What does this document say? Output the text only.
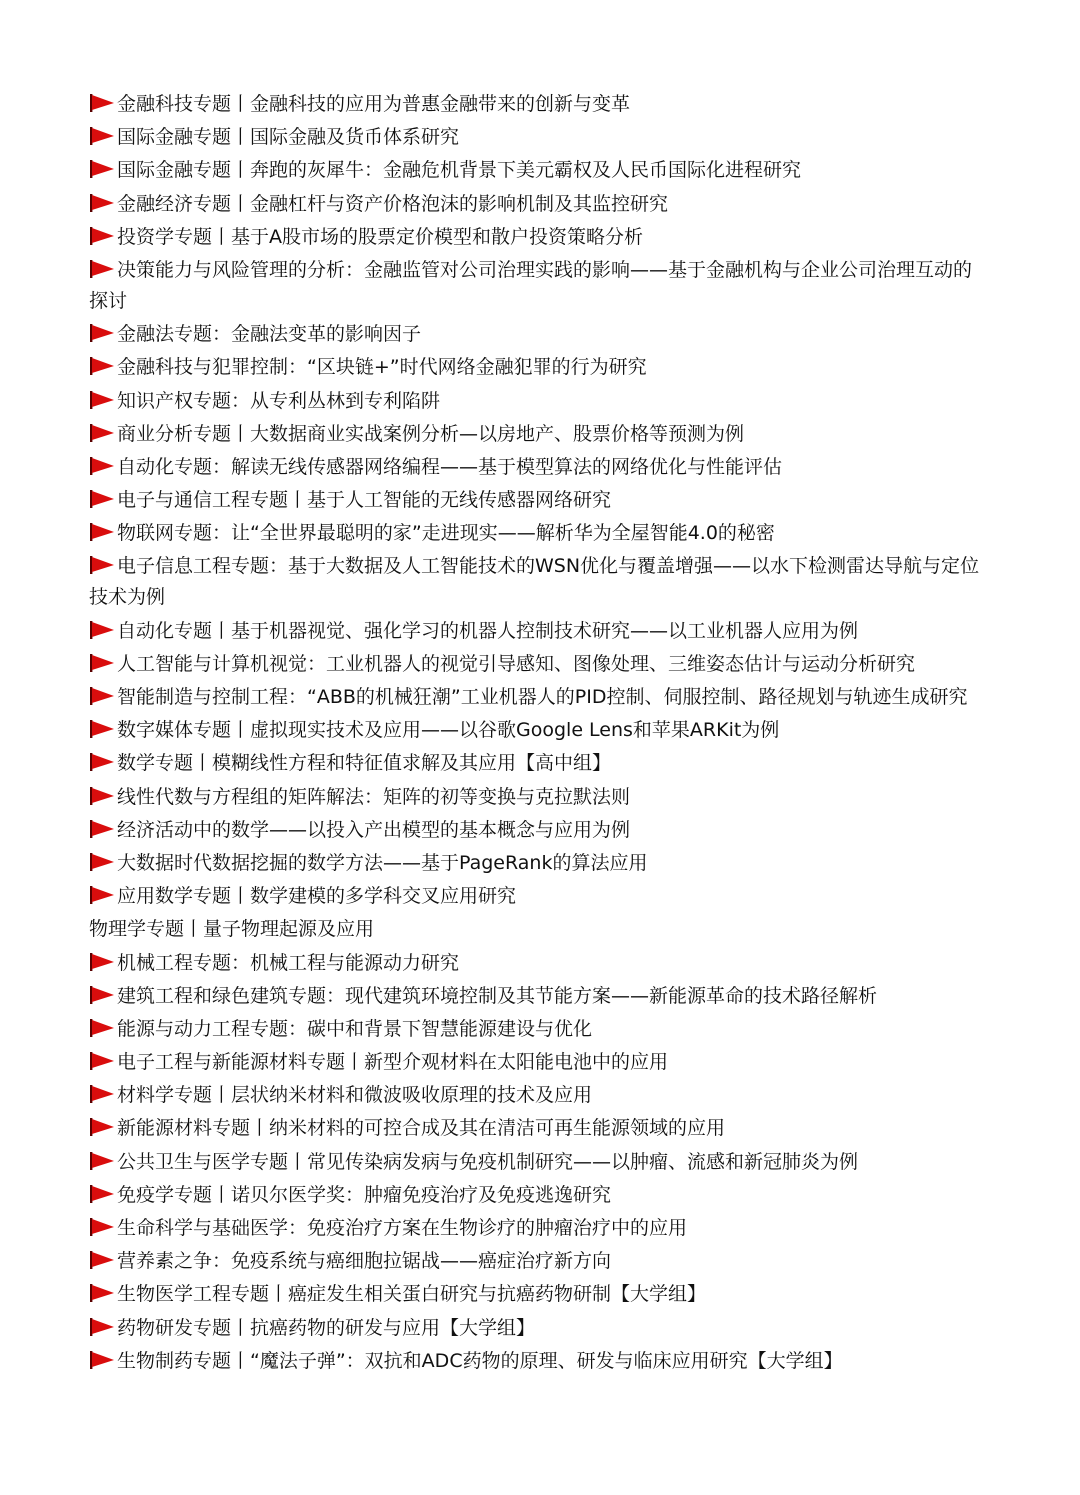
金融科技专题丨金融科技的应用为普惠金融带来的创新与变革
国际金融专题丨国际金融及货币体系研究
国际金融专题丨奔跑的灰犀牛：金融危机背景下美元霸权及人民币国际化进程研究
金融经济专题丨金融杠杆与资产价格泡沫的影响机制及其监控研究
投资学专题丨基于A股市场的股票定价模型和散户投资策略分析
决策能力与风险管理的分析：金融监管对公司治理实践的影响——基于金融机构与企业公司治理互动的探讨
金融法专题：金融法变革的影响因子
金融科技与犯罪控制：“区块链+”时代网络金融犯罪的行为研究
知识产权专题：从专利丛林到专利陷阱
商业分析专题丨大数据商业实战案例分析—以房地产、股票价格等预测为例
自动化专题：解读无线传感器网络编程——基于模型算法的网络优化与性能评估
电子与通信工程专题丨基于人工智能的无线传感器网络研究
物联网专题：让“全世界最聪明的家”走进现实——解析华为全屋智能4.0的秘密
电子信息工程专题：基于大数据及人工智能技术的WSN优化与覆盖增强——以水下检测雷达导航与定位技术为例
自动化专题丨基于机器视觉、强化学习的机器人控制技术研究——以工业机器人应用为例
人工智能与计算机视觉：工业机器人的视觉引导感知、图像处理、三维姿态估计与运动分析研究
智能制造与控制工程：“ABB的机械狂潮”工业机器人的PID控制、伺服控制、路径规划与轨迹生成研究
数字媒体专题丨虚拟现实技术及应用——以谷歌Google Lens和苹果ARKit为例
数学专题丨模糊线性方程和特征值求解及其应用【高中组】
线性代数与方程组的矩阵解法：矩阵的初等变换与克拉默法则
经济活动中的数学——以投入产出模型的基本概念与应用为例
大数据时代数据挖掘的数学方法——基于PageRank的算法应用
应用数学专题丨数学建模的多学科交叉应用研究
物理学专题丨量子物理起源及应用
机械工程专题：机械工程与能源动力研究
建筑工程和绿色建筑专题：现代建筑环境控制及其节能方案——新能源革命的技术路径解析
能源与动力工程专题：碳中和背景下智慧能源建设与优化
电子工程与新能源材料专题丨新型介观材料在太阳能电池中的应用
材料学专题丨层状纳米材料和微波吸收原理的技术及应用
新能源材料专题丨纳米材料的可控合成及其在清洁可再生能源领域的应用
公共卫生与医学专题丨常见传染病发病与免疫机制研究——以肿瘤、流感和新冠肺炎为例
免疫学专题丨诺贝尔医学奖：肿瘤免疫治疗及免疫逃逸研究
生命科学与基础医学：免疫治疗方案在生物诊疗的肿瘤治疗中的应用
营养素之争：免疫系统与癌细胞拉锯战——癌症治疗新方向
生物医学工程专题丨癌症发生相关蛋白研究与抗癌药物研制【大学组】
药物研发专题丨抗癌药物的研发与应用【大学组】
生物制药专题丨“魔法子弹”：双抗和ADC药物的原理、研发与临床应用研究【大学组】
